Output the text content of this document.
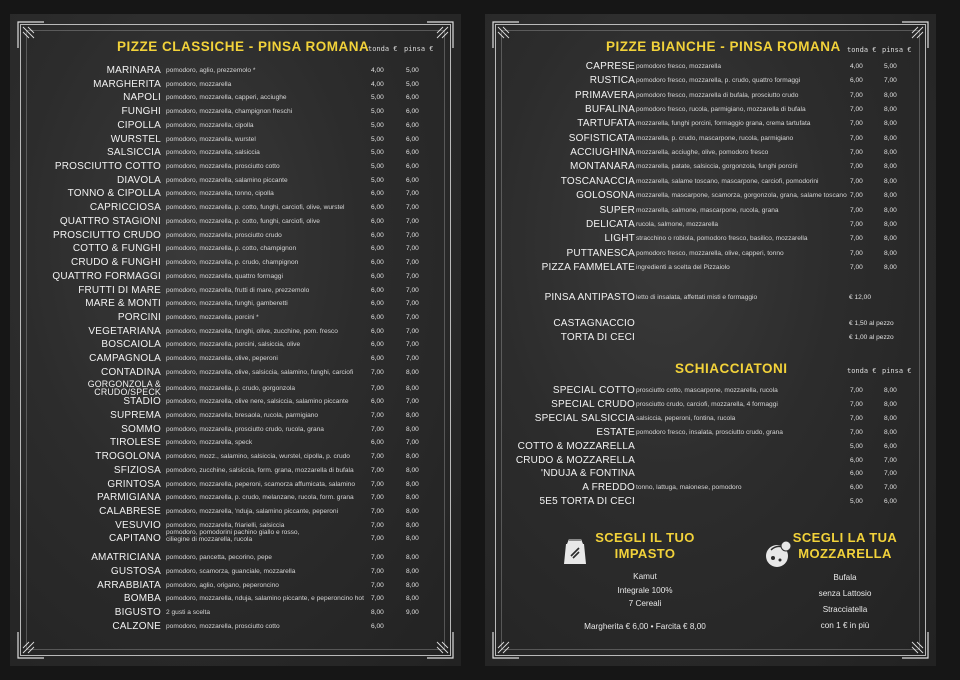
PIZZE CLASSICHE - PINSA ROMANA
tonda € pinsa €
MARINARA pomodoro, aglio, prezzemolo *	4,00	5,00
MARGHERITA pomodoro, mozzarella	4,00	5,00
NAPOLI pomodoro, mozzarella, capperi, acciughe	5,00	6,00
FUNGHI pomodoro, mozzarella, champignon freschi	5,00	6,00
CIPOLLA pomodoro, mozzarella, cipolla	5,00	6,00
WURSTEL pomodoro, mozzarella, wurstel	5,00	6,00
SALSICCIA pomodoro, mozzarella, salsiccia	5,00	6,00
PROSCIUTTO COTTO pomodoro, mozzarella, prosciutto cotto	5,00	6,00
DIAVOLA pomodoro, mozzarella, salamino piccante	5,00	6,00
TONNO & CIPOLLA pomodoro, mozzarella, tonno, cipolla	6,00	7,00
CAPRICCIOSA pomodoro, mozzarella, p. cotto, funghi, carciofi, olive, wurstel	6,00	7,00
QUATTRO STAGIONI pomodoro, mozzarella, p. cotto, funghi, carciofi, olive	6,00	7,00
PROSCIUTTO CRUDO pomodoro, mozzarella, prosciutto crudo	6,00	7,00
COTTO & FUNGHI pomodoro, mozzarella, p. cotto, champignon	6,00	7,00
CRUDO & FUNGHI pomodoro, mozzarella, p. crudo, champignon	6,00	7,00
QUATTRO FORMAGGI pomodoro, mozzarella, quattro formaggi	6,00	7,00
FRUTTI DI MARE pomodoro, mozzarella, frutti di mare, prezzemolo	6,00	7,00
MARE & MONTI pomodoro, mozzarella, funghi, gamberetti	6,00	7,00
PORCINI pomodoro, mozzarella, porcini *	6,00	7,00
VEGETARIANA pomodoro, mozzarella, funghi, olive, zucchine, pom. fresco	6,00	7,00
BOSCAIOLA pomodoro, mozzarella, porcini, salsiccia, olive	6,00	7,00
CAMPAGNOLA pomodoro, mozzarella, olive, peperoni	6,00	7,00
CONTADINA pomodoro, mozzarella, olive, salsiccia, salamino, funghi, carciofi	7,00	8,00
GORGONZOLA &
CRUDO/SPECK pomodoro, mozzarella, p. crudo, gorgonzola	7,00	8,00
STADIO pomodoro, mozzarella, olive nere, salsiccia, salamino piccante	6,00	7,00
SUPREMA pomodoro, mozzarella, bresaola, rucola, parmigiano	7,00	8,00
SOMMO pomodoro, mozzarella, prosciutto crudo, rucola, grana	7,00	8,00
TIROLESE pomodoro, mozzarella, speck	6,00	7,00
TROGOLONA pomodoro, mozz., salamino, salsiccia, wurstel, cipolla, p. crudo	7,00	8,00
SFIZIOSA pomodoro, zucchine, salsiccia, form. grana, mozzarella di bufala	7,00	8,00
GRINTOSA pomodoro, mozzarella, peperoni, scamorza affumicata, salamino 7,00	8,00
PARMIGIANA pomodoro, mozzarella, p. crudo, melanzane, rucola, form. grana	7,00	8,00
CALABRESE pomodoro, mozzarella, 'nduja, salamino piccante, peperoni	7,00	8,00
VESUVIO pomodoro, mozzarella, friarielli, salsiccia	7,00	8,00
CAPITANO
pomodoro, pomodorini pachino giallo e rosso,
ciliegine di mozzarella, rucola	7,00	8,00
AMATRICIANA pomodoro, pancetta, pecorino, pepe	7,00	8,00
GUSTOSA pomodoro, scamorza, guanciale, mozzarella	7,00	8,00
ARRABBIATA pomodoro, aglio, origano, peperoncino	7,00	8,00
BOMBA pomodoro, mozzarella, nduja, salamino piccante, e peperoncino hot 7,00	8,00
BIGUSTO 2 gusti a scelta	8,00	9,00
CALZONE pomodoro, mozzarella, prosciutto cotto	6,00
PIZZE BIANCHE - PINSA ROMANA tonda € pinsa €
CAPRESE pomodoro fresco, mozzarella	4,00	5,00
RUSTICA pomodoro fresco, mozzarella, p. crudo, quattro formaggi	6,00	7,00
PRIMAVERA pomodoro fresco, mozzarella di bufala, prosciutto crudo	7,00	8,00
BUFALINA pomodoro fresco, rucola, parmigiano, mozzarella di bufala	7,00	8,00
TARTUFATA mozzarella, funghi porcini, formaggio grana, crema tartufata	7,00	8,00
SOFISTICATA mozzarella, p. crudo, mascarpone, rucola, parmigiano	7,00	8,00
ACCIUGHINA mozzarella, acciughe, olive, pomodoro fresco	7,00	8,00
MONTANARA mozzarella, patate, salsiccia, gorgonzola, funghi porcini	7,00	8,00
TOSCANACCIA mozzarella, salame toscano, mascarpone, carciofi, pomodorini	7,00	8,00
GOLOSONA mozzarella, mascarpone, scamorza, gorgonzola, grana, salame toscano 7,00	8,00
SUPER mozzarella, salmone, mascarpone, rucola, grana	7,00	8,00
DELICATA rucola, salmone, mozzarella	7,00	8,00
LIGHT stracchino o robiola, pomodoro fresco, basilico, mozzarella	7,00	8,00
PUTTANESCA pomodoro fresco, mozzarella, olive, capperi, tonno	7,00	8,00
PIZZA FAMMELATE ingredienti a scelta del Pizzaiolo	7,00	8,00
PINSA ANTIPASTO letto di insalata, affettati misti e formaggio	€ 12,00
CASTAGNACCIO	€ 1,50 al pezzo
TORTA DI CECI	€ 1,00 al pezzo
SCHIACCIATONI	tonda € pinsa €
SPECIAL COTTO prosciutto cotto, mascarpone, mozzarella, rucola	7,00	8,00
SPECIAL CRUDO prosciutto crudo, carciofi, mozzarella, 4 formaggi	7,00	8,00
SPECIAL SALSICCIA salsiccia, peperoni, fontina, rucola	7,00	8,00
ESTATE pomodoro fresco, insalata, prosciutto crudo, grana	7,00	8,00
COTTO & MOZZARELLA	5,00	6,00
CRUDO & MOZZARELLA	6,00	7,00
'NDUJA & FONTINA	6,00	7,00
A FREDDO tonno, lattuga, maionese, pomodoro	6,00	7,00
5E5 TORTA DI CECI	5,00	6,00
SCEGLI IL TUO
IMPASTO
Kamut
Integrale 100%
7 Cereali
Margherita € 6,00 • Farcita € 8,00
SCEGLI LA TUA
MOZZARELLA
Bufala
senza Lattosio
Stracciatella
con 1 € in più
